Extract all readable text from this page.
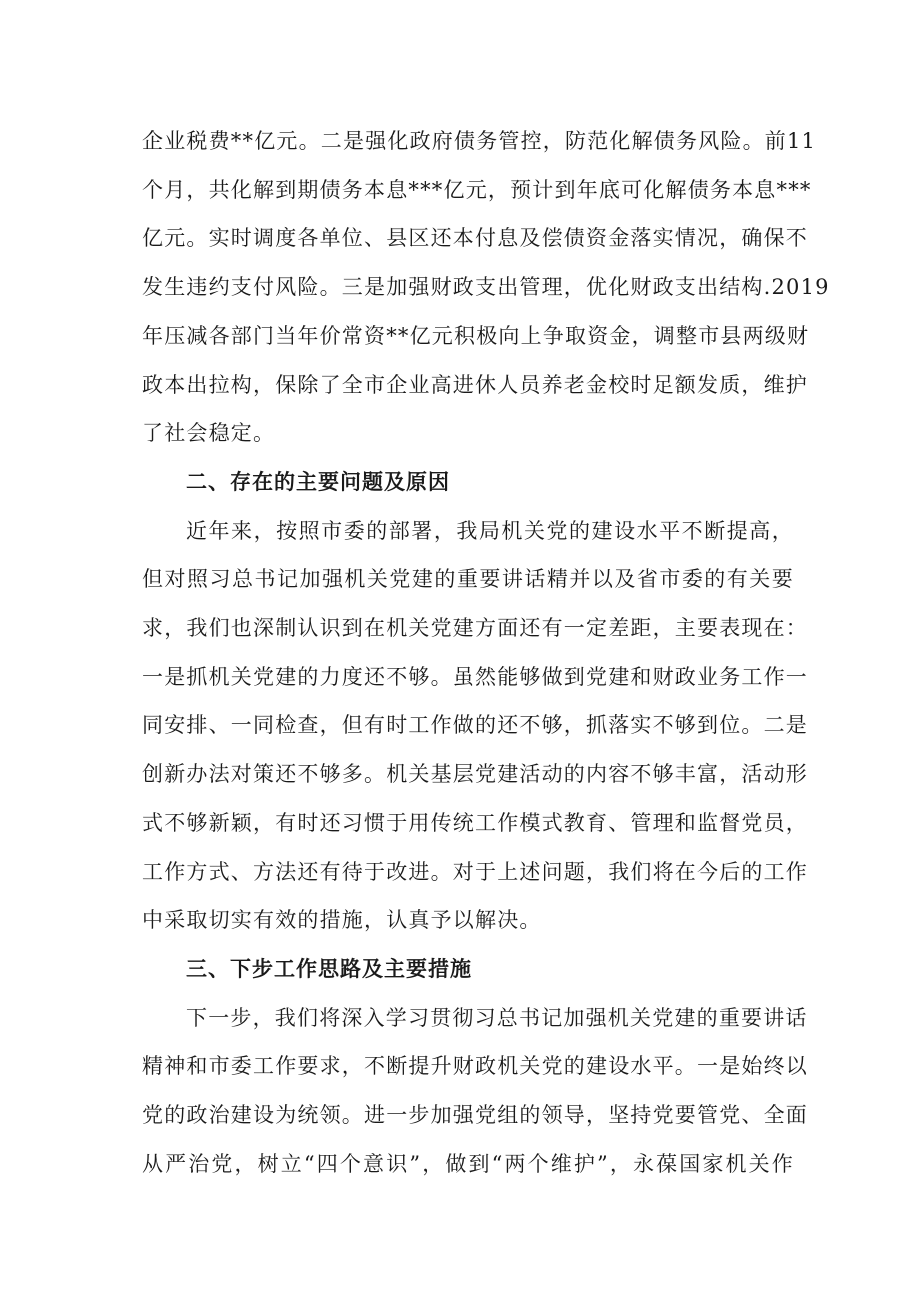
企业税费**亿元。二是强化政府债务管控，防范化解债务风险。前11
个月，共化解到期债务本息***亿元，预计到年底可化解债务本息***
亿元。实时调度各单位、县区还本付息及偿债资金落实情况，确保不
发生违约支付风险。三是加强财政支出管理，优化财政支出结构.2019
年压减各部门当年价常资**亿元积极向上争取资金，调整市县两级财
政本出拉构，保除了全市企业高进休人员养老金校时足额发质，维护
了社会稳定。
二、存在的主要问题及原因
近年来，按照市委的部署，我局机关党的建设水平不断提高，
但对照习总书记加强机关党建的重要讲话精并以及省市委的有关要
求，我们也深制认识到在机关党建方面还有一定差距，主要表现在：
一是抓机关党建的力度还不够。虽然能够做到党建和财政业务工作一
同安排、一同检查，但有时工作做的还不够，抓落实不够到位。二是
创新办法对策还不够多。机关基层党建活动的内容不够丰富，活动形
式不够新颖，有时还习惯于用传统工作模式教育、管理和监督党员，
工作方式、方法还有待于改进。对于上述问题，我们将在今后的工作
中采取切实有效的措施，认真予以解决。
三、下步工作思路及主要措施
下一步，我们将深入学习贯彻习总书记加强机关党建的重要讲话
精神和市委工作要求，不断提升财政机关党的建设水平。一是始终以
党的政治建设为统领。进一步加强党组的领导，坚持党要管党、全面
从严治党，树立“四个意识”，做到“两个维护”，永葆国家机关作
